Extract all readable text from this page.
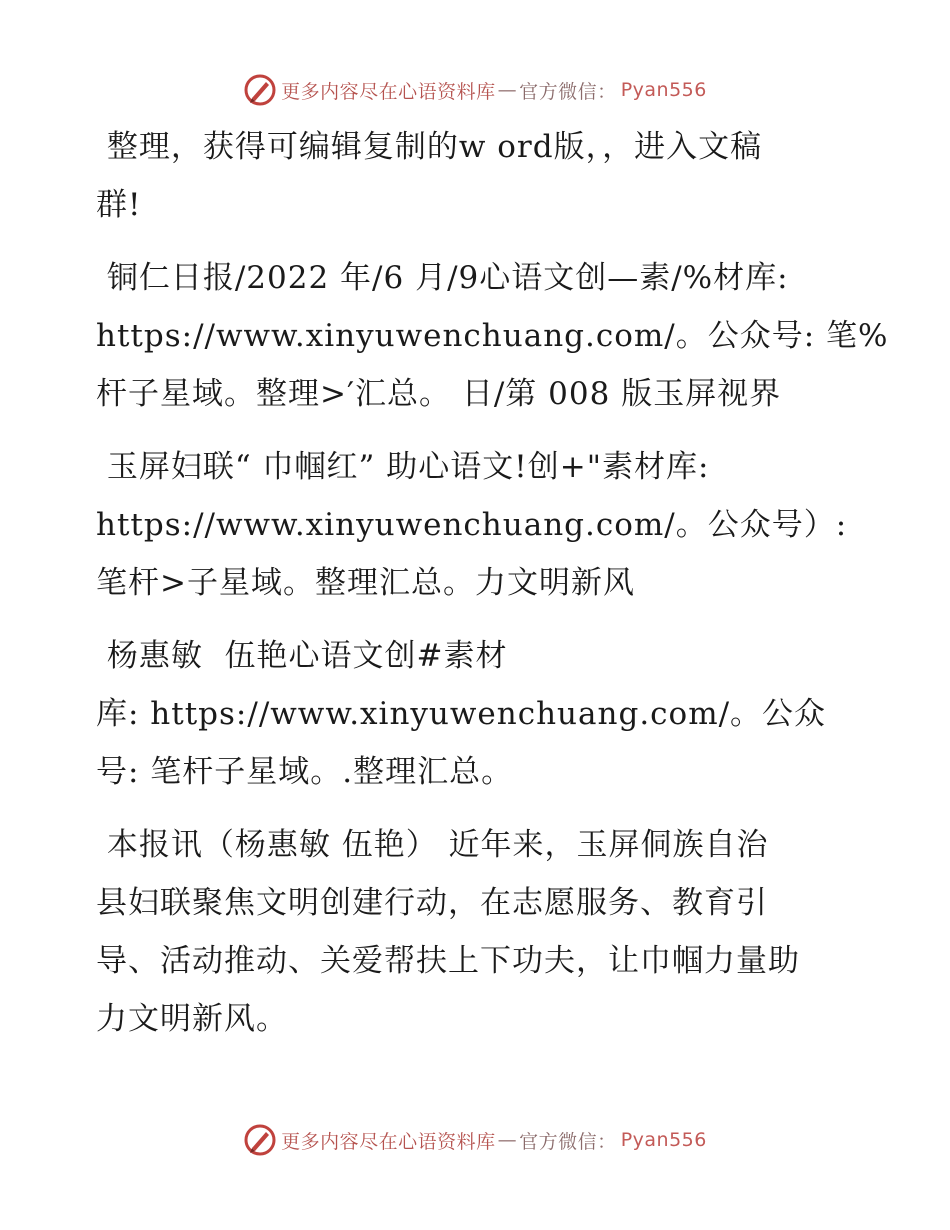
更多内容尽在心语资料库 — 官方微信： Pyan556
整理，获得可编辑复制的w ord版，，进入文稿
群!
铜仁日报/2022 年/6 月/9心语文创—素/%材库:
https://www.xinyuwenchuang.com/。公众号: 笔%
杆子星域。整理>′汇总。 日/第 008 版玉屏视界
玉屏妇联“ 巾帼红” 助心语文!创+"素材库:
https://www.xinyuwenchuang.com/。公众号）:
笔杆>子星域。整理汇总。力文明新风
杨惠敏  伍艳心语文创#素材
库: https://www.xinyuwenchuang.com/。公众
号: 笔杆子星域。.整理汇总。
本报讯（杨惠敏 伍艳） 近年来，玉屏侗族自治
县妇联聚焦文明创建行动，在志愿服务、教育引
导、活动推动、关爱帮扶上下功夫，让巾帼力量助
力文明新风。
更多内容尽在心语资料库 — 官方微信： Pyan556
